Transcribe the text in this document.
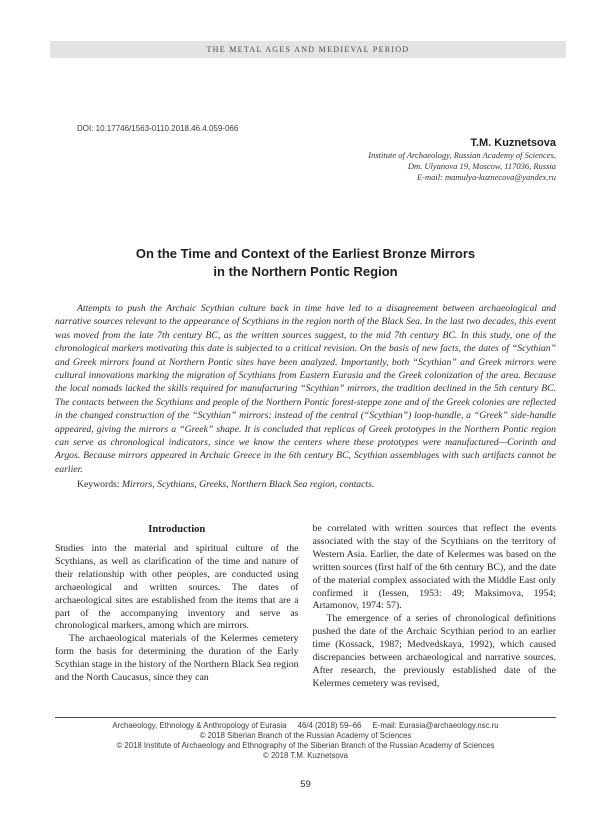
THE METAL AGES AND MEDIEVAL PERIOD
DOI: 10.17746/1563-0110.2018.46.4.059-066
T.M. Kuznetsova
Institute of Archaeology, Russian Academy of Sciences,
Dm. Ulyanova 19, Moscow, 117036, Russia
E-mail: mamulya-kuznecova@yandex.ru
On the Time and Context of the Earliest Bronze Mirrors
in the Northern Pontic Region
Attempts to push the Archaic Scythian culture back in time have led to a disagreement between archaeological and narrative sources relevant to the appearance of Scythians in the region north of the Black Sea. In the last two decades, this event was moved from the late 7th century BC, as the written sources suggest, to the mid 7th century BC. In this study, one of the chronological markers motivating this date is subjected to a critical revision. On the basis of new facts, the dates of “Scythian” and Greek mirrors found at Northern Pontic sites have been analyzed. Importantly, both “Scythian” and Greek mirrors were cultural innovations marking the migration of Scythians from Eastern Eurasia and the Greek colonization of the area. Because the local nomads lacked the skills required for manufacturing “Scythian” mirrors, the tradition declined in the 5th century BC. The contacts between the Scythians and people of the Northern Pontic forest-steppe zone and of the Greek colonies are reflected in the changed construction of the “Scythian” mirrors: instead of the central (“Scythian”) loop-handle, a “Greek” side-handle appeared, giving the mirrors a “Greek” shape. It is concluded that replicas of Greek prototypes in the Northern Pontic region can serve as chronological indicators, since we know the centers where these prototypes were manufactured—Corinth and Argos. Because mirrors appeared in Archaic Greece in the 6th century BC, Scythian assemblages with such artifacts cannot be earlier.
Keywords: Mirrors, Scythians, Greeks, Northern Black Sea region, contacts.
Introduction

Studies into the material and spiritual culture of the Scythians, as well as clarification of the time and nature of their relationship with other peoples, are conducted using archaeological and written sources. The dates of archaeological sites are established from the items that are a part of the accompanying inventory and serve as chronological markers, among which are mirrors.

The archaeological materials of the Kelermes cemetery form the basis for determining the duration of the Early Scythian stage in the history of the Northern Black Sea region and the North Caucasus, since they can

be correlated with written sources that reflect the events associated with the stay of the Scythians on the territory of Western Asia. Earlier, the date of Kelermes was based on the written sources (first half of the 6th century BC), and the date of the material complex associated with the Middle East only confirmed it (Iessen, 1953: 49; Maksimova, 1954; Artamonov, 1974: 57).

The emergence of a series of chronological definitions pushed the date of the Archaic Scythian period to an earlier time (Kossack, 1987; Medvedskaya, 1992), which caused discrepancies between archaeological and narrative sources. After research, the previously established date of the Kelermes cemetery was revised,

Archaeology, Ethnology & Anthropology of Eurasia 46/4 (2018) 59–66 E-mail: Eurasia@archaeology.nsc.ru
© 2018 Siberian Branch of the Russian Academy of Sciences
© 2018 Institute of Archaeology and Ethnography of the Siberian Branch of the Russian Academy of Sciences
© 2018 T.M. Kuznetsova
59
